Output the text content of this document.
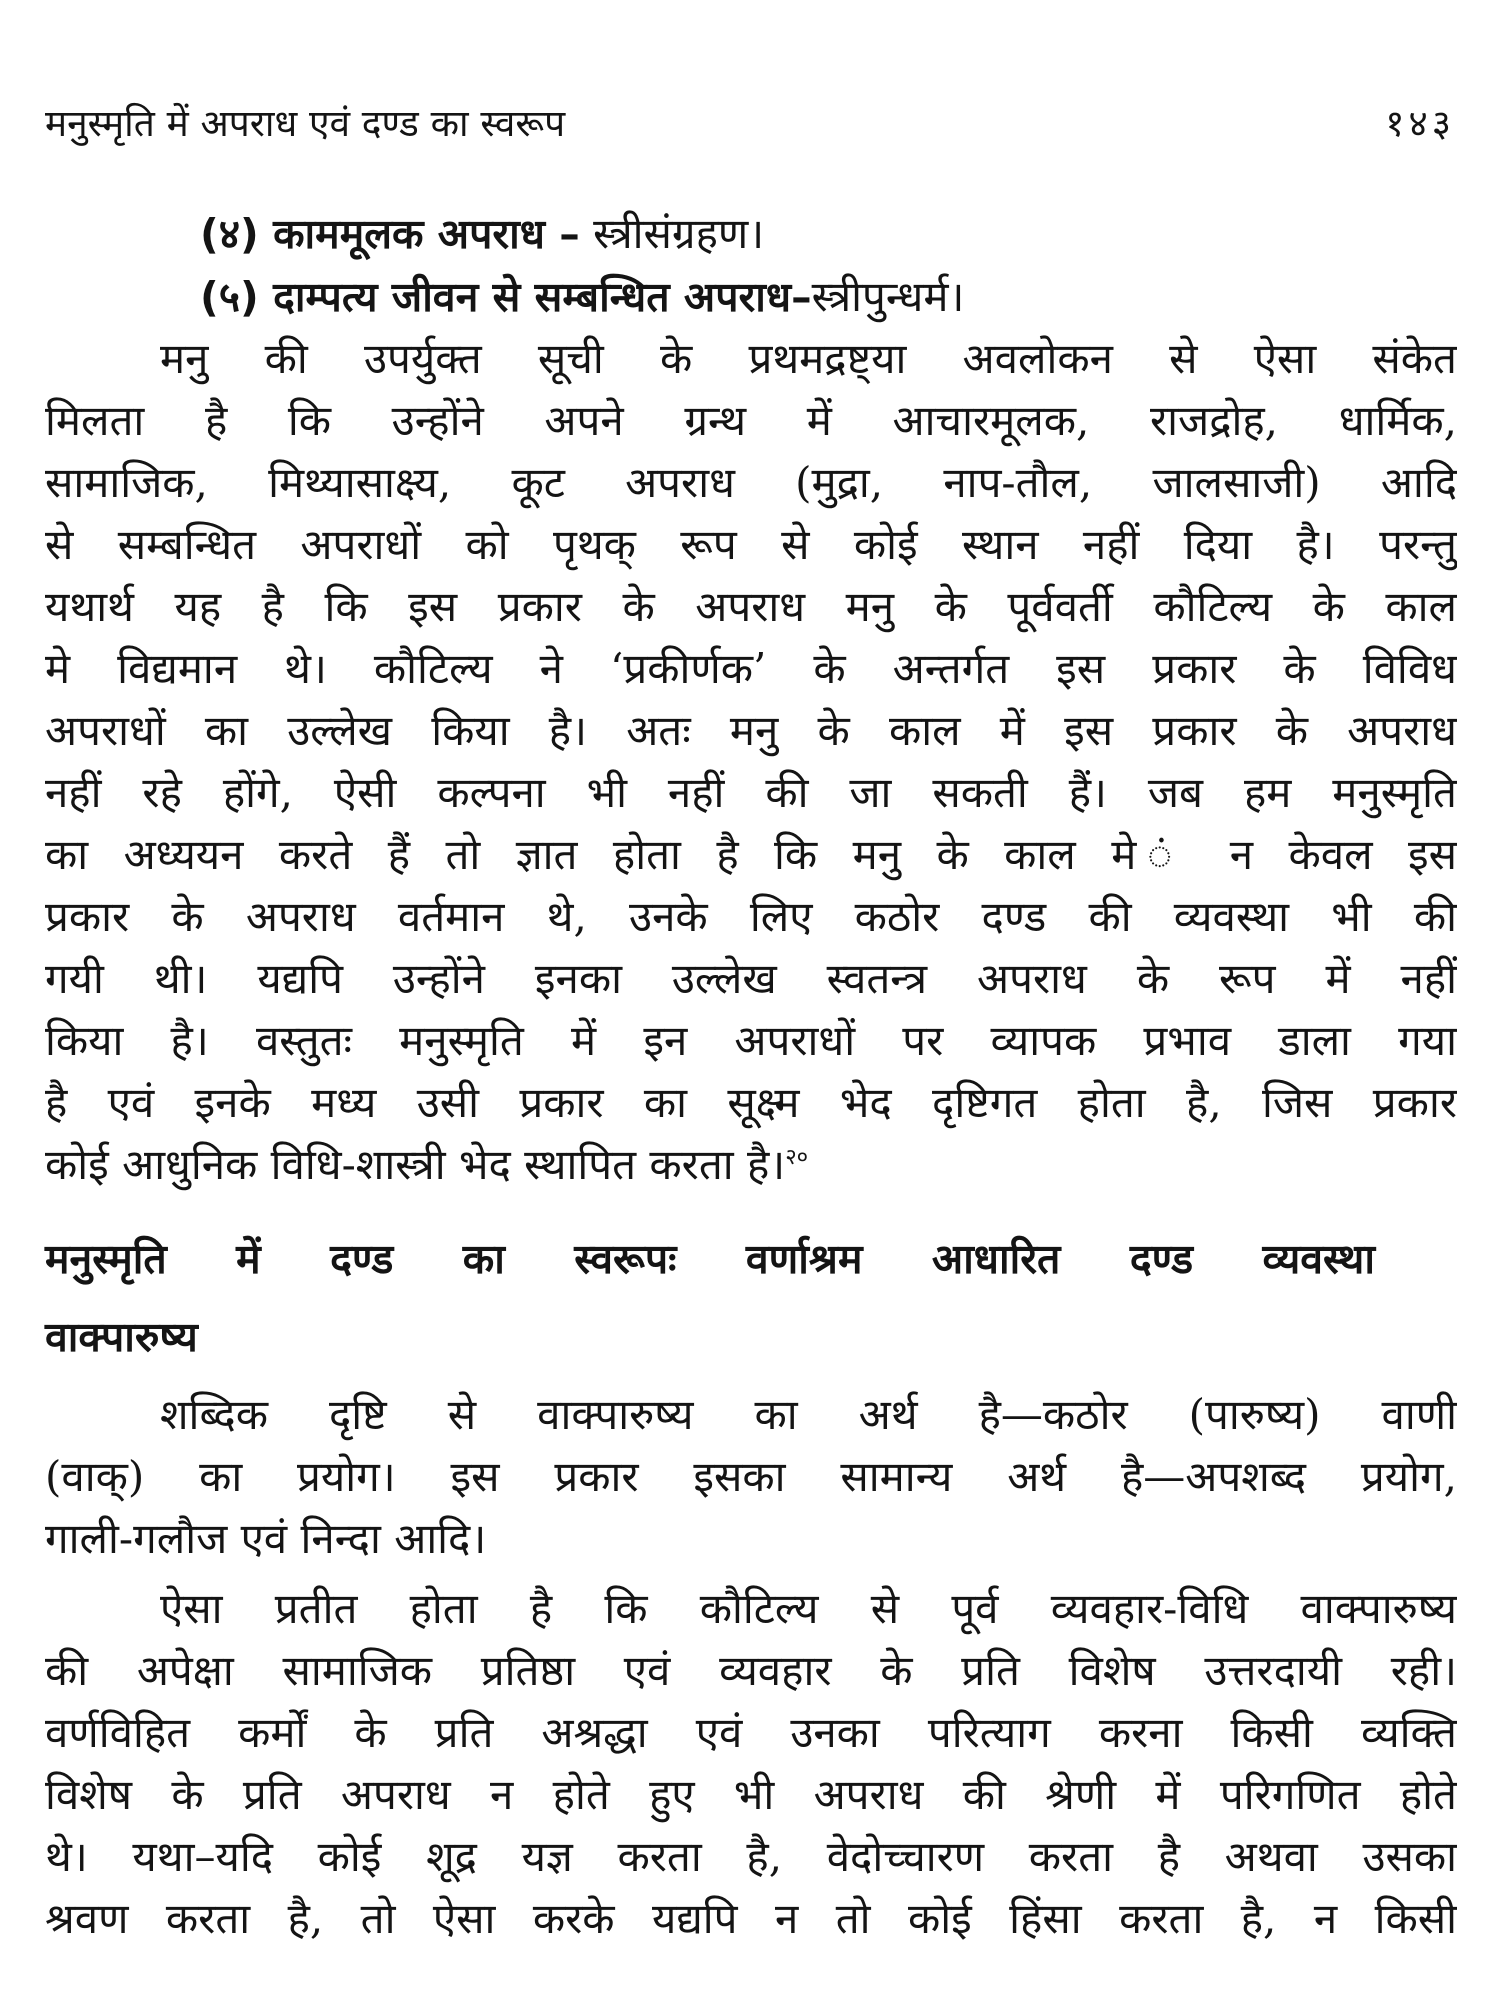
मनुस्मृति में अपराध एवं दण्ड का स्वरूप	१४३
(४) काममूलक अपराध – स्त्रीसंग्रहण।
(५) दाम्पत्य जीवन से सम्बन्धित अपराध–स्त्रीपुन्धर्म।
मनु की उपर्युक्त सूची के प्रथमद्रष्ट्या अवलोकन से ऐसा संकेत
मिलता है कि उन्होंने अपने ग्रन्थ में आचारमूलक, राजद्रोह, धार्मिक,
सामाजिक, मिथ्यासाक्ष्य, कूट अपराध (मुद्रा, नाप-तौल, जालसाजी) आदि
से सम्बन्धित अपराधों को पृथक् रूप से कोई स्थान नहीं दिया है। परन्तु
यथार्थ यह है कि इस प्रकार के अपराध मनु के पूर्ववर्ती कौटिल्य के काल
मे विद्यमान थे। कौटिल्य ने ‘प्रकीर्णक’ के अन्तर्गत इस प्रकार के विविध
अपराधों का उल्लेख किया है। अतः मनु के काल में इस प्रकार के अपराध
नहीं रहे होंगे, ऐसी कल्पना भी नहीं की जा सकती हैं। जब हम मनुस्मृति
का अध्ययन करते हैं तो ज्ञात होता है कि मनु के काल मे ं न केवल इस
प्रकार के अपराध वर्तमान थे, उनके लिए कठोर दण्ड की व्यवस्था भी की
गयी थी। यद्यपि उन्होंने इनका उल्लेख स्वतन्त्र अपराध के रूप में नहीं
किया है। वस्तुतः मनुस्मृति में इन अपराधों पर व्यापक प्रभाव डाला गया
है एवं इनके मध्य उसी प्रकार का सूक्ष्म भेद दृष्टिगत होता है, जिस प्रकार
कोई आधुनिक विधि-शास्त्री भेद स्थापित करता है।$^{२०}$
मनुस्मृति में दण्ड का स्वरूपः वर्णाश्रम आधारित दण्ड व्यवस्था
वाक्पारुष्य
शब्दिक दृष्टि से वाक्पारुष्य का अर्थ है—कठोर (पारुष्य) वाणी
(वाक्) का प्रयोग। इस प्रकार इसका सामान्य अर्थ है—अपशब्द प्रयोग,
गाली-गलौज एवं निन्दा आदि।
ऐसा प्रतीत होता है कि कौटिल्य से पूर्व व्यवहार-विधि वाक्पारुष्य
की अपेक्षा सामाजिक प्रतिष्ठा एवं व्यवहार के प्रति विशेष उत्तरदायी रही।
वर्णविहित कर्मों के प्रति अश्रद्धा एवं उनका परित्याग करना किसी व्यक्ति
विशेष के प्रति अपराध न होते हुए भी अपराध की श्रेणी में परिगणित होते
थे। यथा–यदि कोई शूद्र यज्ञ करता है, वेदोच्चारण करता है अथवा उसका
श्रवण करता है, तो ऐसा करके यद्यपि न तो कोई हिंसा करता है, न किसी
